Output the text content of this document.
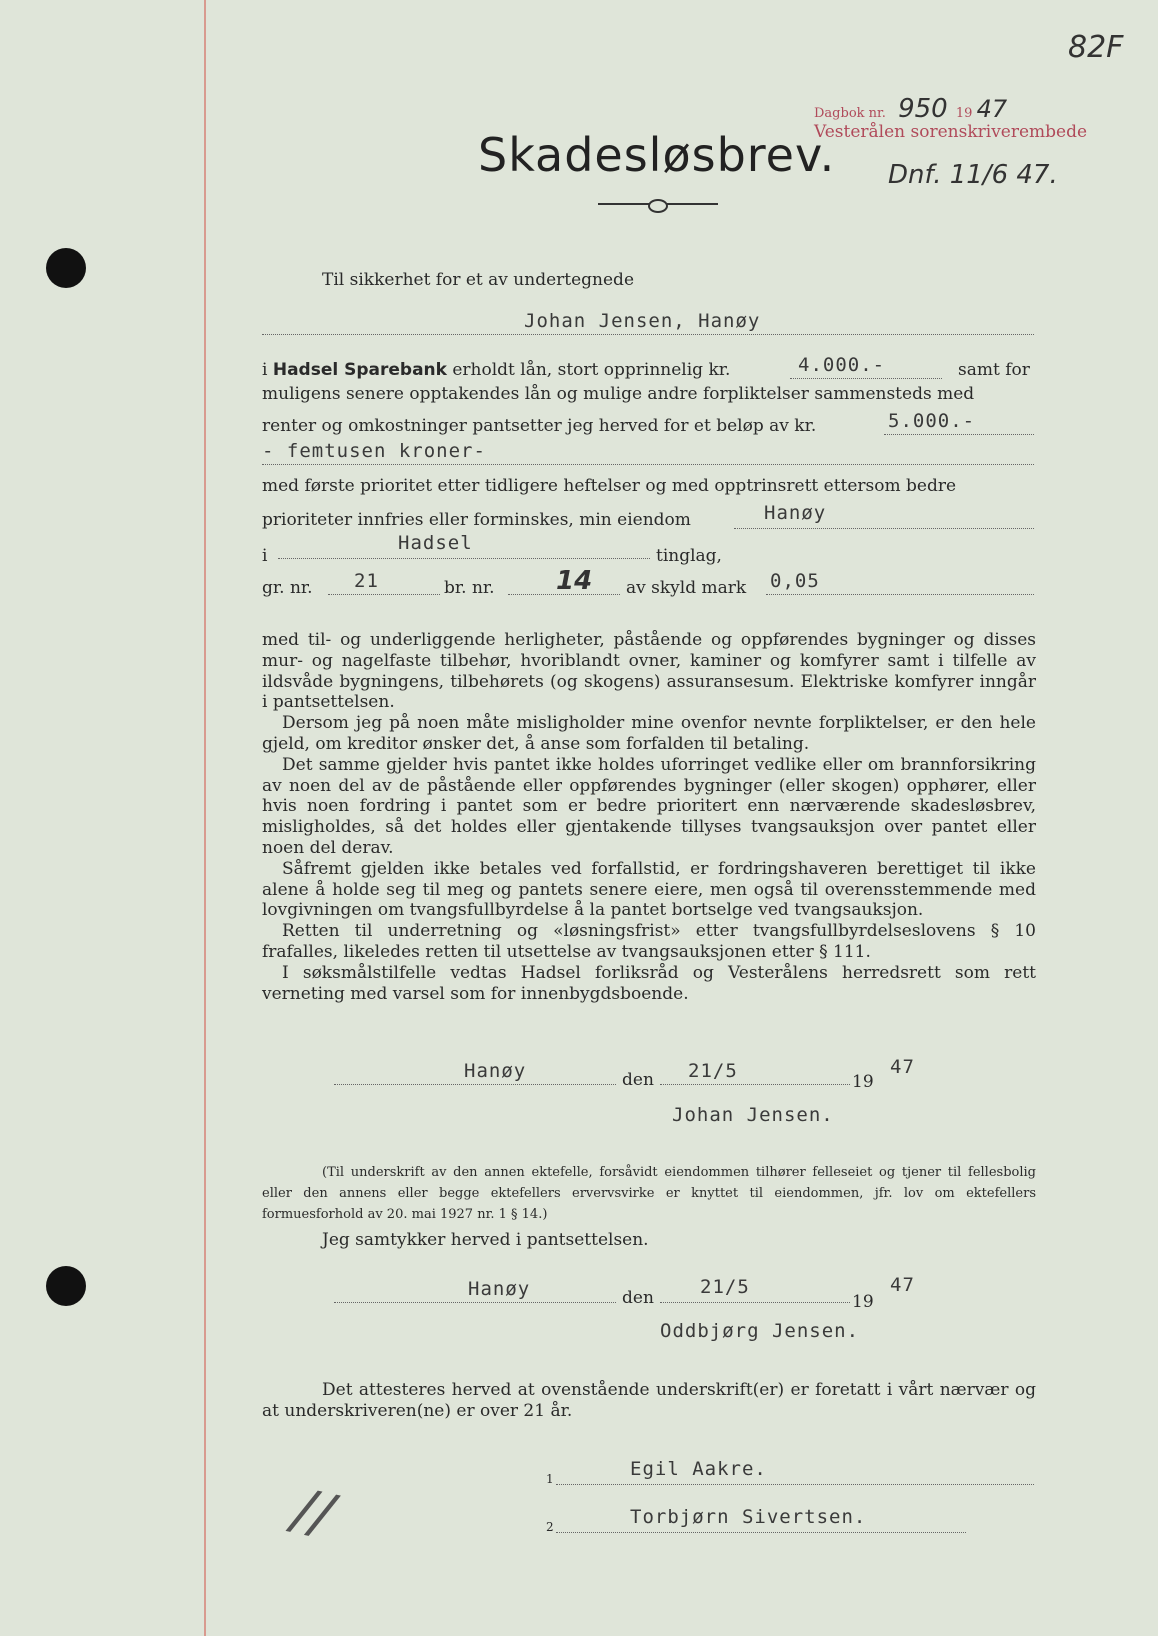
82F
Dagbok nr. 950 19 47
Vesterålen sorenskriverembede
Dnf. 11/6 47.
Skadesløsbrev.
Til sikkerhet for et av undertegnede
Johan Jensen, Hanøy
i Hadsel Sparebank erholdt lån, stort opprinnelig kr.	4.000.-	samt for
muligens senere opptakendes lån og mulige andre forpliktelser sammensteds med
renter og omkostninger pantsetter jeg herved for et beløp av kr.	5.000.-
- femtusen kroner-
med første prioritet etter tidligere heftelser og med opptrinsrett ettersom bedre
prioriteter innfries eller forminskes, min eiendom	Hanøy
i
Hadsel
tinglag,
gr. nr. 21	br. nr. 14 av skyld mark 0,05

med til- og underliggende herligheter, påstående og oppførendes bygninger og disses mur- og nagelfaste tilbehør, hvoriblandt ovner, kaminer og komfyrer samt i tilfelle av ildsvåde bygningens, tilbehørets (og skogens) assuransesum. Elektriske komfyrer inngår i pantsettelsen.

Dersom jeg på noen måte misligholder mine ovenfor nevnte forpliktelser, er den hele gjeld, om kreditor ønsker det, å anse som forfalden til betaling.

Det samme gjelder hvis pantet ikke holdes uforringet vedlike eller om brannforsikring av noen del av de påstående eller oppførendes bygninger (eller skogen) opphører, eller hvis noen fordring i pantet som er bedre prioritert enn nærværende skadesløsbrev, misligholdes, så det holdes eller gjentakende tillyses tvangsauksjon over pantet eller noen del derav.

Såfremt gjelden ikke betales ved forfallstid, er fordringshaveren berettiget til ikke alene å holde seg til meg og pantets senere eiere, men også til overensstemmende med lovgivningen om tvangsfullbyrdelse å la pantet bortselge ved tvangsauksjon.

Retten til underretning og «løsningsfrist» etter tvangsfullbyrdelseslovens § 10 frafalles, likeledes retten til utsettelse av tvangsauksjonen etter § 111.

I søksmålstilfelle vedtas Hadsel forliksråd og Vesterålens herredsrett som rett verneting med varsel som for innenbygdsboende.

Hanøy	den 21/5	19
47
Johan Jensen.

(Til underskrift av den annen ektefelle, forsåvidt eiendommen tilhører felleseiet og tjener til fellesbolig eller den annens eller begge ektefellers ervervsvirke er knyttet til eiendommen, jfr. lov om ektefellers formuesforhold av 20. mai 1927 nr. 1 § 14.)

Jeg samtykker herved i pantsettelsen.
Hanøy	den 21/5
19
47
Oddbjørg Jensen.

Det attesteres herved at ovenstående underskrift(er) er foretatt i vårt nærvær og at underskriveren(ne) er over 21 år.

1	Egil Aakre.
2	Torbjørn Sivertsen.
//
